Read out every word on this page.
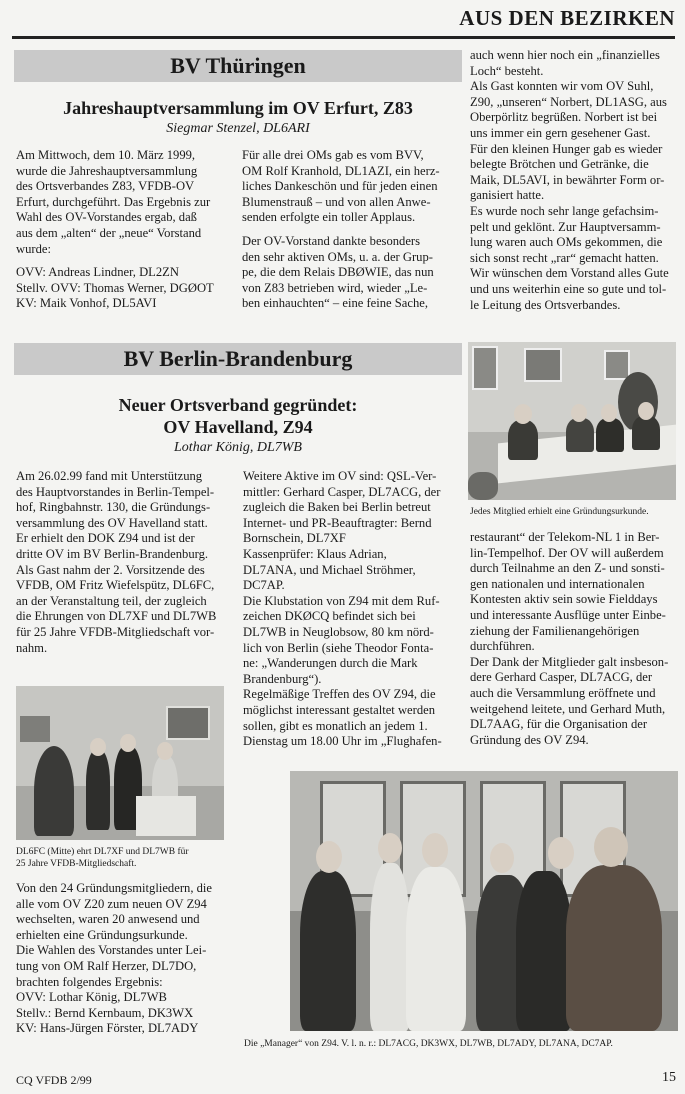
AUS DEN BEZIRKEN
BV Thüringen
Jahreshauptversammlung im OV Erfurt, Z83
Siegmar Stenzel, DL6ARI

Am Mittwoch, dem 10. März 1999,
wurde die Jahreshauptversammlung
des Ortsverbandes Z83, VFDB-OV
Erfurt, durchgeführt. Das Ergebnis zur
Wahl des OV-Vorstandes ergab, daß
aus dem „alten“ der „neue“ Vorstand
wurde:

OVV: Andreas Lindner, DL2ZN
Stellv. OVV: Thomas Werner, DGØOT
KV: Maik Vonhof, DL5AVI

Für alle drei OMs gab es vom BVV,
OM Rolf Kranhold, DL1AZI, ein herz-
liches Dankeschön und für jeden einen
Blumenstrauß – und von allen Anwe-
senden erfolgte ein toller Applaus.

Der OV-Vorstand dankte besonders
den sehr aktiven OMs, u. a. der Grup-
pe, die dem Relais DBØWIE, das nun
von Z83 betrieben wird, wieder „Le-
ben einhauchten“ – eine feine Sache,

auch wenn hier noch ein „finanzielles
Loch“ besteht.
Als Gast konnten wir vom OV Suhl,
Z90, „unseren“ Norbert, DL1ASG, aus
Oberpörlitz begrüßen. Norbert ist bei
uns immer ein gern gesehener Gast.
Für den kleinen Hunger gab es wieder
belegte Brötchen und Getränke, die
Maik, DL5AVI, in bewährter Form or-
ganisiert hatte.
Es wurde noch sehr lange gefachsim-
pelt und geklönt. Zur Hauptversamm-
lung waren auch OMs gekommen, die
sich sonst recht „rar“ gemacht hatten.
Wir wünschen dem Vorstand alles Gute
und uns weiterhin eine so gute und tol-
le Leitung des Ortsverbandes.

BV Berlin-Brandenburg
Neuer Ortsverband gegründet:
OV Havelland, Z94
Lothar König, DL7WB

Am 26.02.99 fand mit Unterstützung
des Hauptvorstandes in Berlin-Tempel-
hof, Ringbahnstr. 130, die Gründungs-
versammlung des OV Havelland statt.
Er erhielt den DOK Z94 und ist der
dritte OV im BV Berlin-Brandenburg.
Als Gast nahm der 2. Vorsitzende des
VFDB, OM Fritz Wiefelspütz, DL6FC,
an der Veranstaltung teil, der zugleich
die Ehrungen von DL7XF und DL7WB
für 25 Jahre VFDB-Mitgliedschaft vor-
nahm.

DL6FC (Mitte) ehrt DL7XF und DL7WB für
25 Jahre VFDB-Mitgliedschaft.

Von den 24 Gründungsmitgliedern, die
alle vom OV Z20 zum neuen OV Z94
wechselten, waren 20 anwesend und
erhielten eine Gründungsurkunde.
Die Wahlen des Vorstandes unter Lei-
tung von OM Ralf Herzer, DL7DO,
brachten folgendes Ergebnis:
OVV: Lothar König, DL7WB
Stellv.: Bernd Kernbaum, DK3WX
KV: Hans-Jürgen Förster, DL7ADY

Weitere Aktive im OV sind: QSL-Ver-
mittler: Gerhard Casper, DL7ACG, der
zugleich die Baken bei Berlin betreut
Internet- und PR-Beauftragter: Bernd
Bornschein, DL7XF
Kassenprüfer: Klaus Adrian,
DL7ANA, und Michael Ströhmer,
DC7AP.
Die Klubstation von Z94 mit dem Ruf-
zeichen DKØCQ befindet sich bei
DL7WB in Neuglobsow, 80 km nörd-
lich von Berlin (siehe Theodor Fonta-
ne: „Wanderungen durch die Mark
Brandenburg“).
Regelmäßige Treffen des OV Z94, die
möglichst interessant gestaltet werden
sollen, gibt es monatlich an jedem 1.
Dienstag um 18.00 Uhr im „Flughafen-

Jedes Mitglied erhielt eine Gründungsurkunde.

restaurant“ der Telekom-NL 1 in Ber-
lin-Tempelhof. Der OV will außerdem
durch Teilnahme an den Z- und sonsti-
gen nationalen und internationalen
Kontesten aktiv sein sowie Fielddays
und interessante Ausflüge unter Einbe-
ziehung der Familienangehörigen
durchführen.
Der Dank der Mitglieder galt insbeson-
dere Gerhard Casper, DL7ACG, der
auch die Versammlung eröffnete und
weitgehend leitete, und Gerhard Muth,
DL7AAG, für die Organisation der
Gründung des OV Z94.

Die „Manager“ von Z94. V. l. n. r.: DL7ACG, DK3WX, DL7WB, DL7ADY, DL7ANA, DC7AP.
CQ VFDB 2/99	15
